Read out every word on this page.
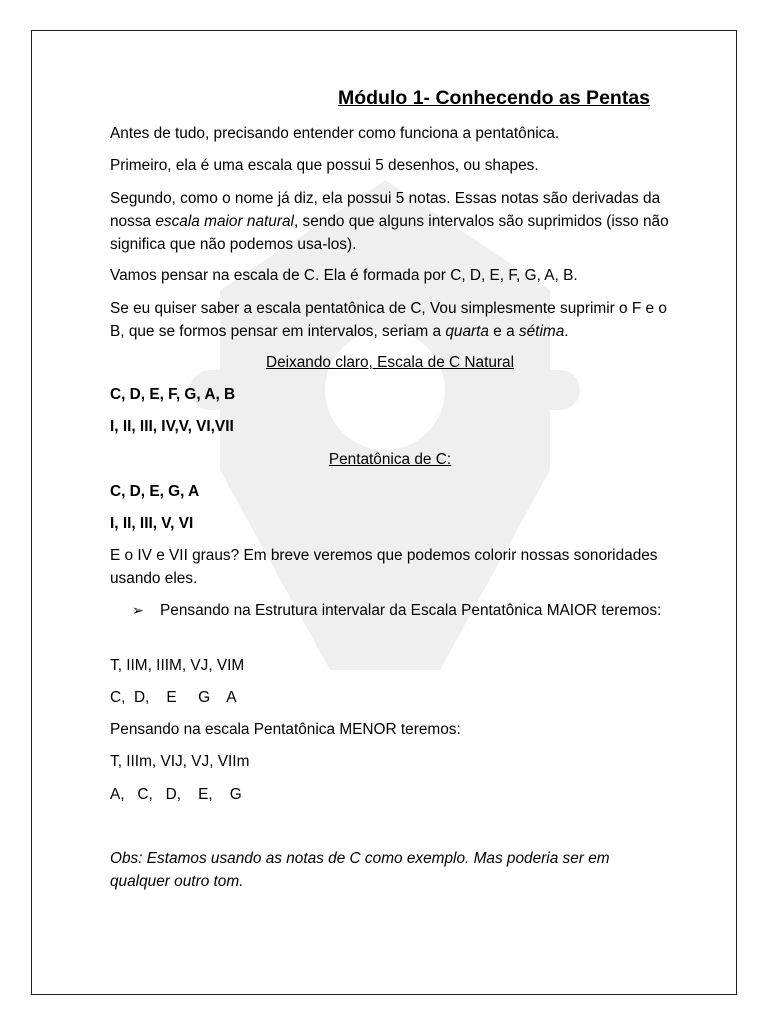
Módulo 1- Conhecendo as Pentas

Antes de tudo, precisando entender como funciona a pentatônica.

Primeiro, ela é uma escala que possui 5 desenhos, ou shapes.

Segundo, como o nome já diz, ela possui 5 notas. Essas notas são derivadas da nossa escala maior natural, sendo que alguns intervalos são suprimidos (isso não significa que não podemos usa-los).

Vamos pensar na escala de C. Ela é formada por C, D, E, F, G, A, B.

Se eu quiser saber a escala pentatônica de C, Vou simplesmente suprimir o F e o B, que se formos pensar em intervalos, seriam a quarta e a sétima.

Deixando claro, Escala de C Natural

C, D, E, F, G, A, B

I, II, III, IV,V, VI,VII

Pentatônica de C:

C, D, E, G, A

I, II, III, V, VI

E o IV e VII graus? Em breve veremos que podemos colorir nossas sonoridades usando eles.

➢	Pensando na Estrutura intervalar da Escala Pentatônica MAIOR teremos:

T, IIM, IIIM, VJ, VIM

C,  D,    E     G    A

Pensando na escala Pentatônica MENOR teremos:

T, IIIm, VIJ, VJ, VIIm

A,   C,   D,    E,    G

Obs: Estamos usando as notas de C como exemplo. Mas poderia ser em qualquer outro tom.
